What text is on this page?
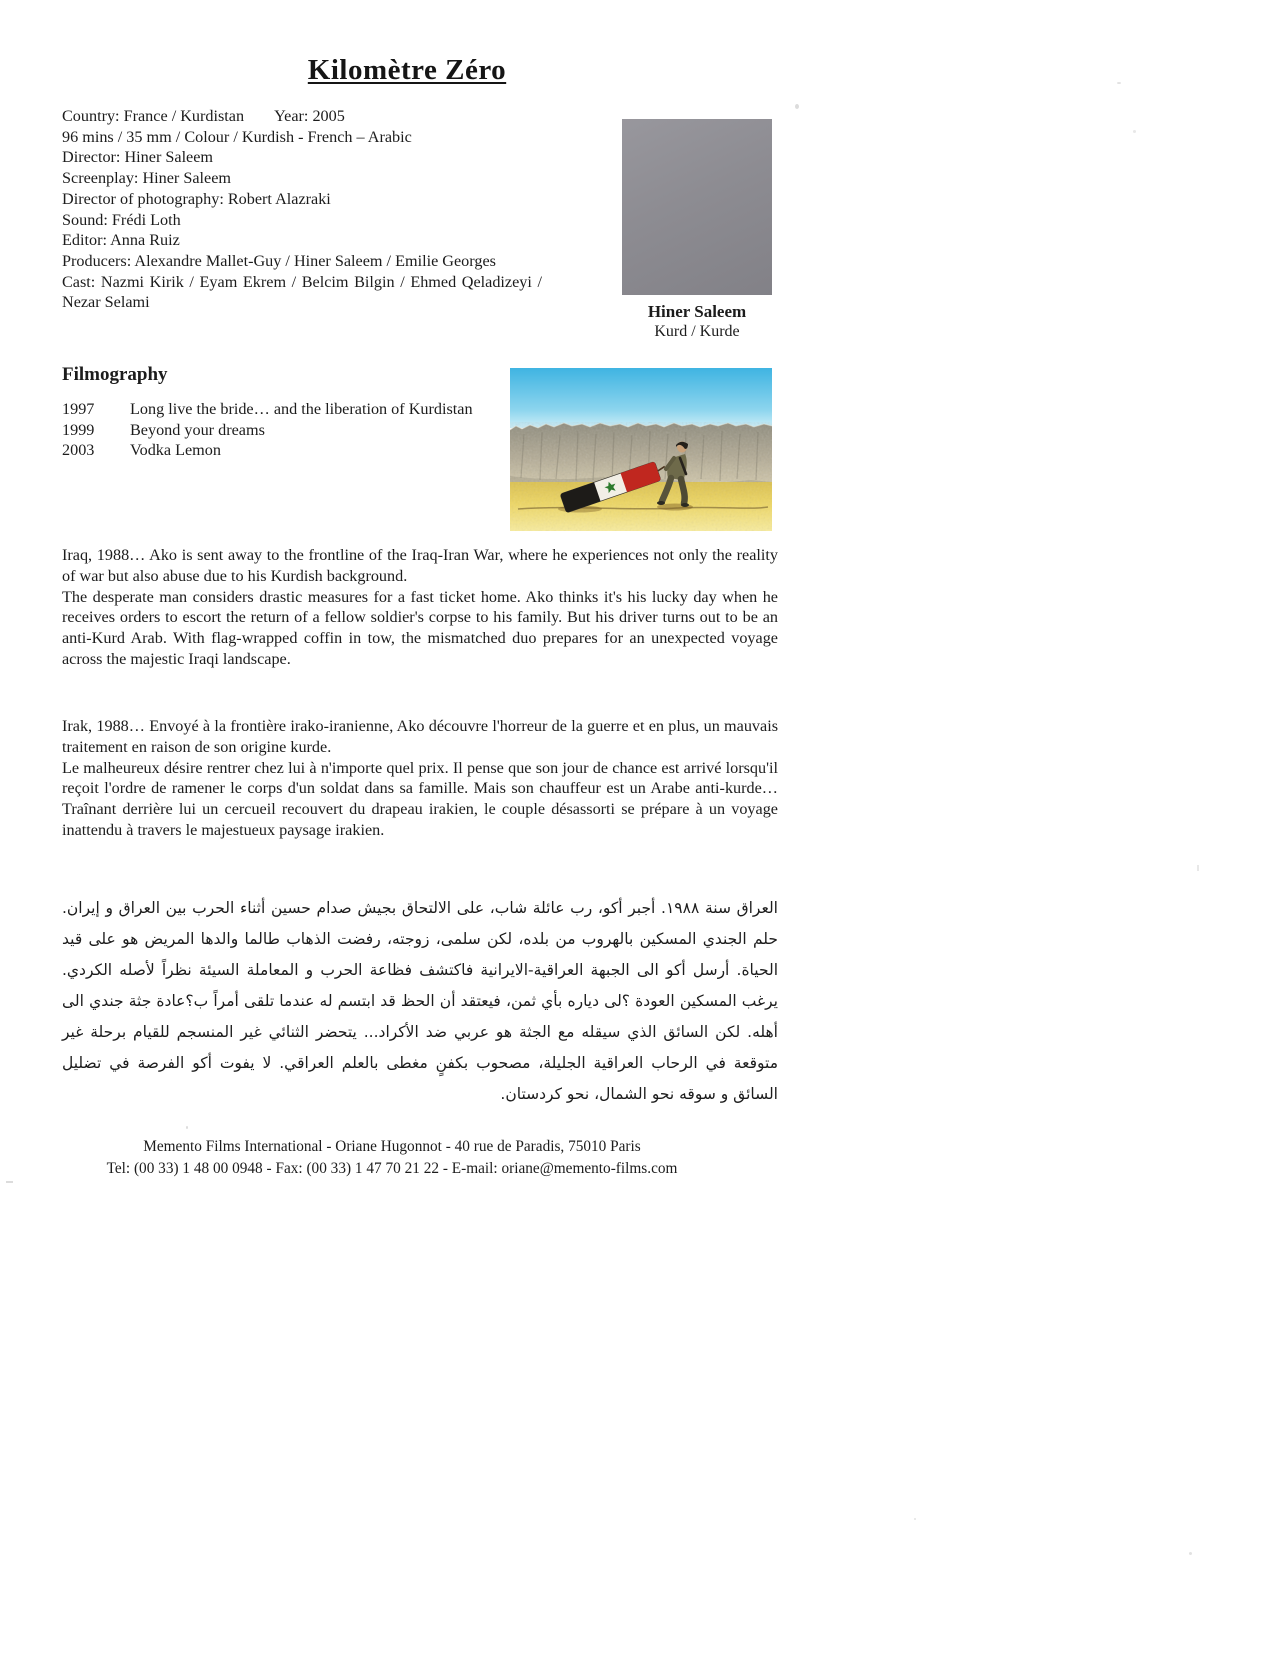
Kilomètre Zéro
Country: France / Kurdistan Year: 2005
96 mins / 35 mm / Colour / Kurdish - French – Arabic
Director: Hiner Saleem
Screenplay: Hiner Saleem
Director of photography: Robert Alazraki
Sound: Frédi Loth
Editor: Anna Ruiz
Producers: Alexandre Mallet-Guy / Hiner Saleem / Emilie Georges
Cast: Nazmi Kirik / Eyam Ekrem / Belcim Bilgin / Ehmed Qeladizeyi / Nezar Selami	Hiner Saleem
Kurd / Kurde
Filmography
1997	Long live the bride… and the liberation of Kurdistan
1999	Beyond your dreams
2003	Vodka Lemon
Iraq, 1988… Ako is sent away to the frontline of the Iraq-Iran War, where he experiences not only the reality of war but also abuse due to his Kurdish background.
The desperate man considers drastic measures for a fast ticket home. Ako thinks it's his lucky day when he receives orders to escort the return of a fellow soldier's corpse to his family. But his driver turns out to be an anti-Kurd Arab. With flag-wrapped coffin in tow, the mismatched duo prepares for an unexpected voyage across the majestic Iraqi landscape.
Irak, 1988… Envoyé à la frontière irako-iranienne, Ako découvre l'horreur de la guerre et en plus, un mauvais traitement en raison de son origine kurde.
Le malheureux désire rentrer chez lui à n'importe quel prix. Il pense que son jour de chance est arrivé lorsqu'il reçoit l'ordre de ramener le corps d'un soldat dans sa famille. Mais son chauffeur est un Arabe anti-kurde… Traînant derrière lui un cercueil recouvert du drapeau irakien, le couple désassorti se prépare à un voyage inattendu à travers le majestueux paysage irakien.
العراق سنة ١٩٨٨. أجبر أكو، رب عائلة شاب، على الالتحاق بجيش صدام حسين أثناء الحرب بين العراق و إيران. حلم الجندي المسكين بالهروب من بلده، لكن سلمى، زوجته، رفضت الذهاب طالما والدها المريض هو على قيد الحياة. أرسل أكو الى الجبهة العراقية-الايرانية فاكتشف فظاعة الحرب و المعاملة السيئة نظراً لأصله الكردي. يرغب المسكين العودة ؟لى دياره بأي ثمن، فيعتقد أن الحظ قد ابتسم له عندما تلقى أمراً ب؟عادة جثة جندي الى أهله. لكن السائق الذي سيقله مع الجثة هو عربي ضد الأكراد... يتحضر الثنائي غير المنسجم للقيام برحلة غير متوقعة في الرحاب العراقية الجليلة، مصحوب بكفنٍ مغطى بالعلم العراقي. لا يفوت أكو الفرصة في تضليل السائق و سوقه نحو الشمال، نحو كردستان.
Memento Films International - Oriane Hugonnot - 40 rue de Paradis, 75010 Paris
Tel: (00 33) 1 48 00 0948 - Fax: (00 33) 1 47 70 21 22 - E-mail: oriane@memento-films.com
